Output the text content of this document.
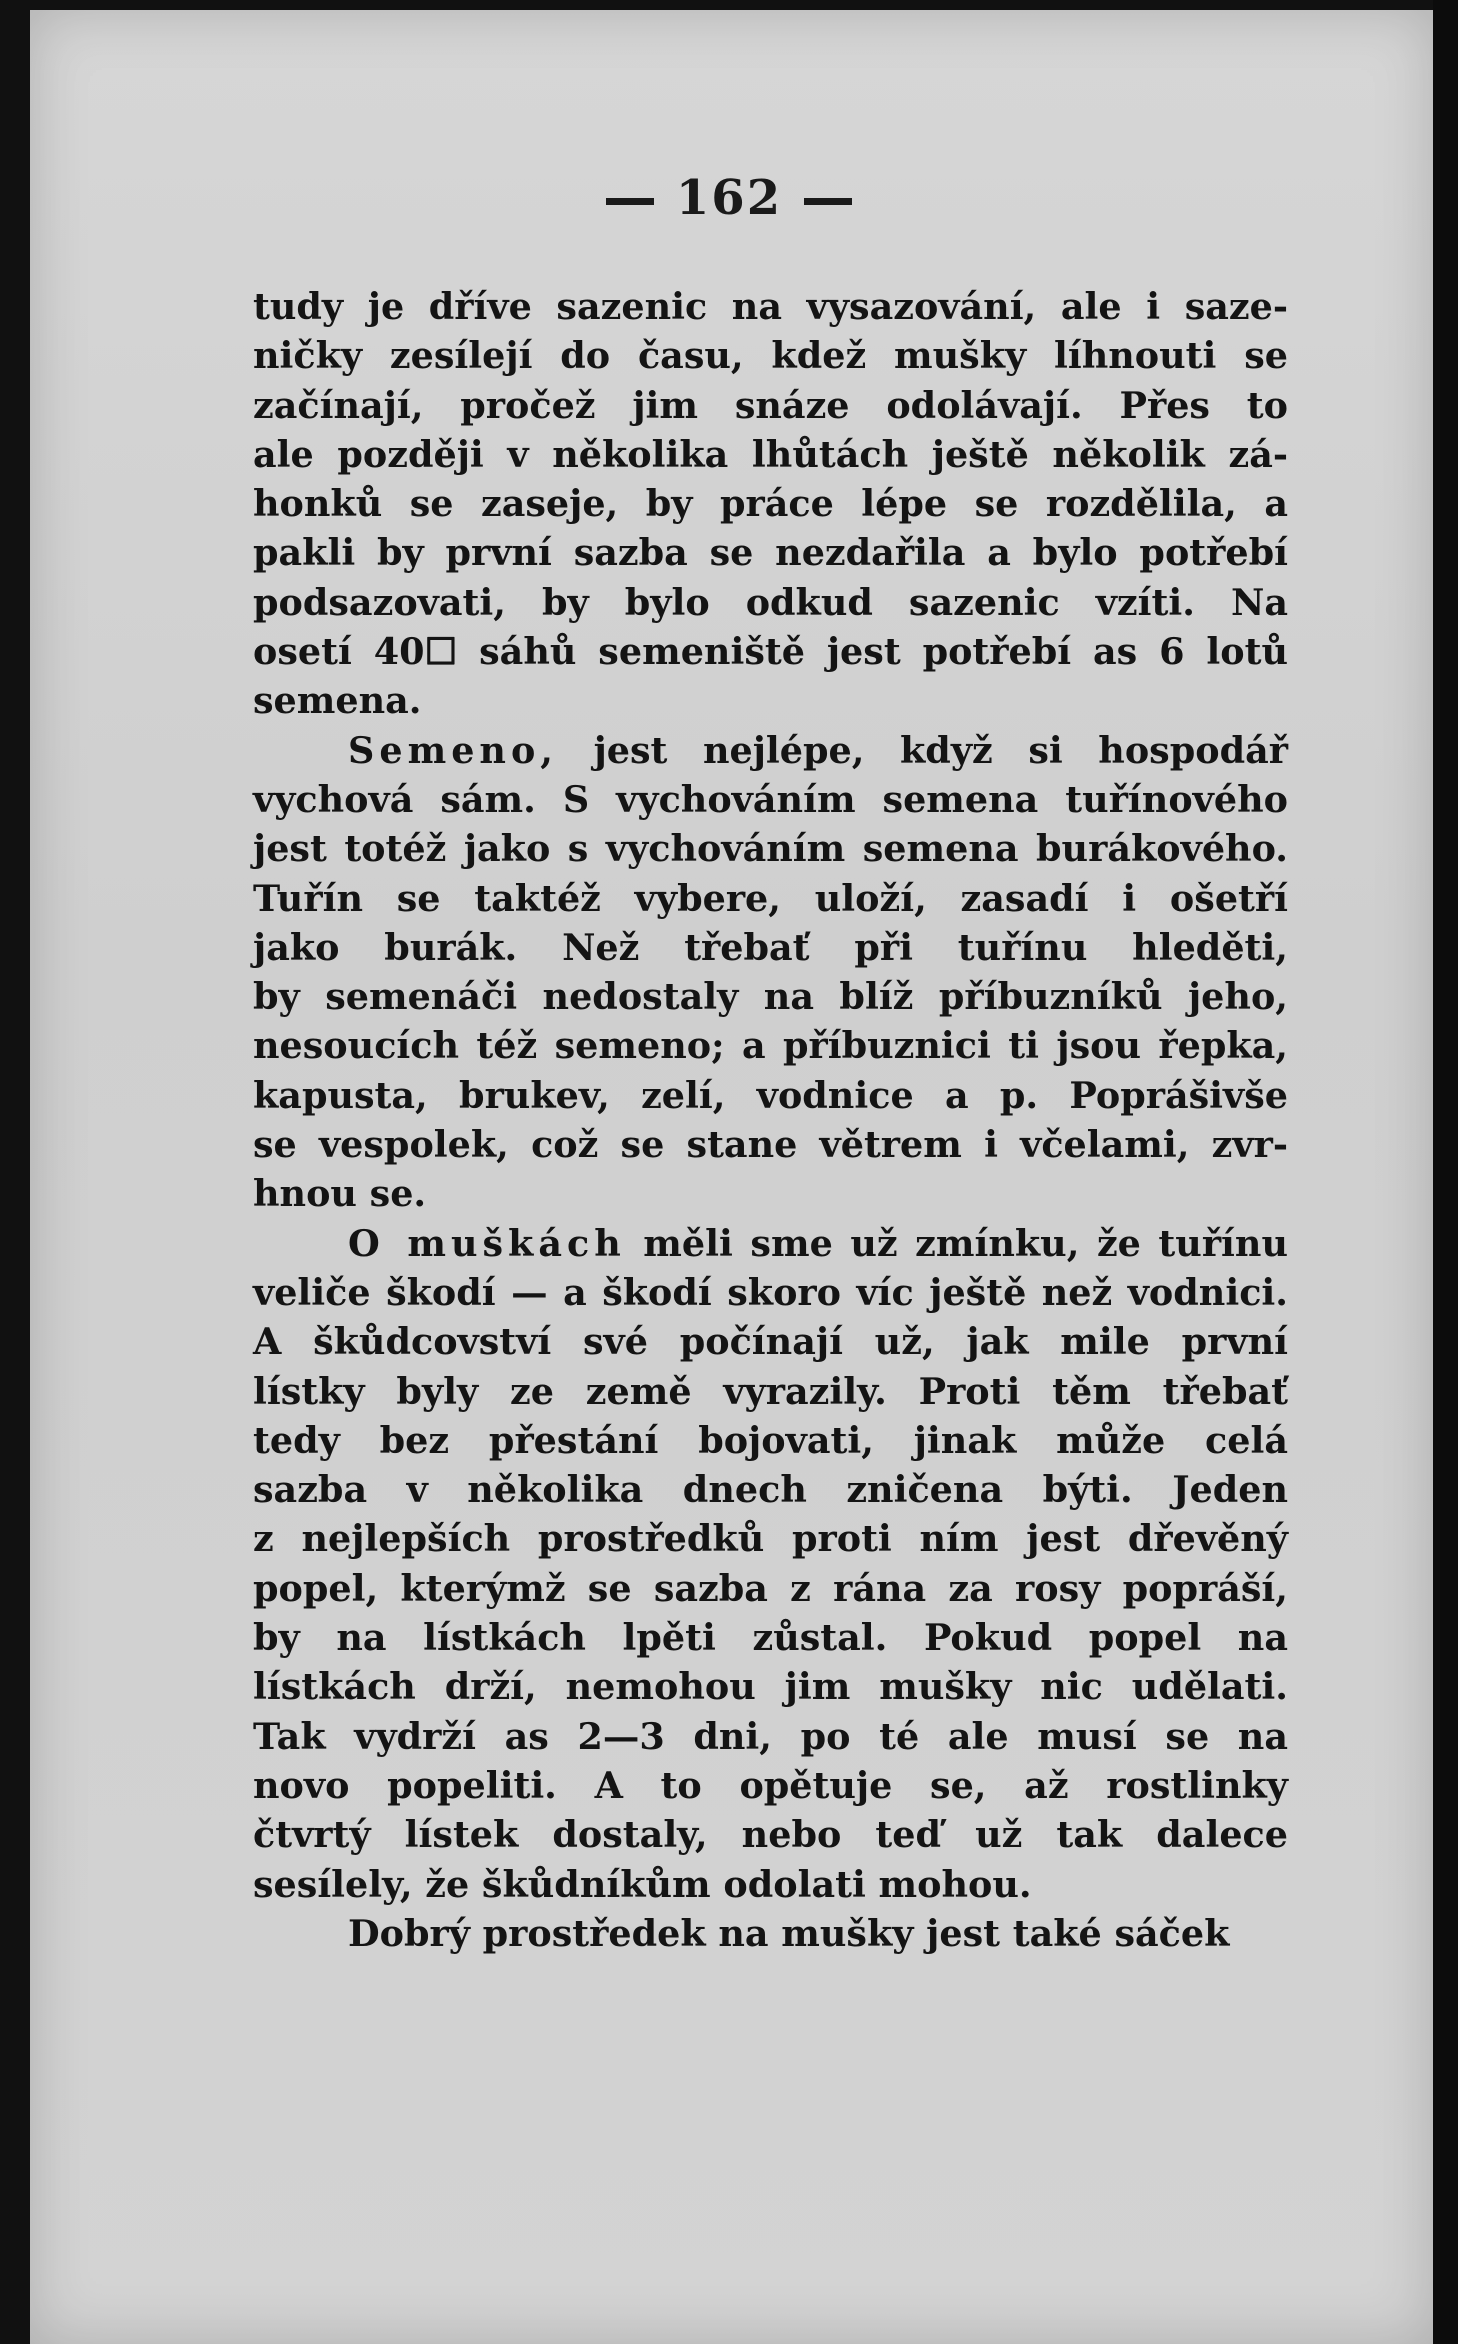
162
tudy je dříve sazenic na vysazování, ale i saze-
ničky zesílejí do času, kdež mušky líhnouti se
začínají, pročež jim snáze odolávají. Přes to
ale později v několika lhůtách ještě několik zá-
honků se zaseje, by práce lépe se rozdělila, a
pakli by první sazba se nezdařila a bylo potřebí
podsazovati, by bylo odkud sazenic vzíti. Na
osetí 40☐ sáhů semeniště jest potřebí as 6 lotů
semena.
Semeno, jest nejlépe, když si hospodář
vychová sám. S vychováním semena tuřínového
jest totéž jako s vychováním semena burákového.
Tuřín se taktéž vybere, uloží, zasadí i ošetří
jako burák. Než třebať při tuřínu hleděti,
by semenáči nedostaly na blíž příbuzníků jeho,
nesoucích též semeno; a příbuznici ti jsou řepka,
kapusta, brukev, zelí, vodnice a p. Poprášivše
se vespolek, což se stane větrem i včelami, zvr-
hnou se.
O muškách měli sme už zmínku, že tuřínu
veliče škodí — a škodí skoro víc ještě než vodnici.
A škůdcovství své počínají už, jak mile první
lístky byly ze země vyrazily. Proti těm třebať
tedy bez přestání bojovati, jinak může celá
sazba v několika dnech zničena býti. Jeden
z nejlepších prostředků proti ním jest dřevěný
popel, kterýmž se sazba z rána za rosy popráší,
by na lístkách lpěti zůstal. Pokud popel na
lístkách drží, nemohou jim mušky nic udělati.
Tak vydrží as 2—3 dni, po té ale musí se na
novo popeliti. A to opětuje se, až rostlinky
čtvrtý lístek dostaly, nebo teď už tak dalece
sesílely, že škůdníkům odolati mohou.
Dobrý prostředek na mušky jest také sáček
